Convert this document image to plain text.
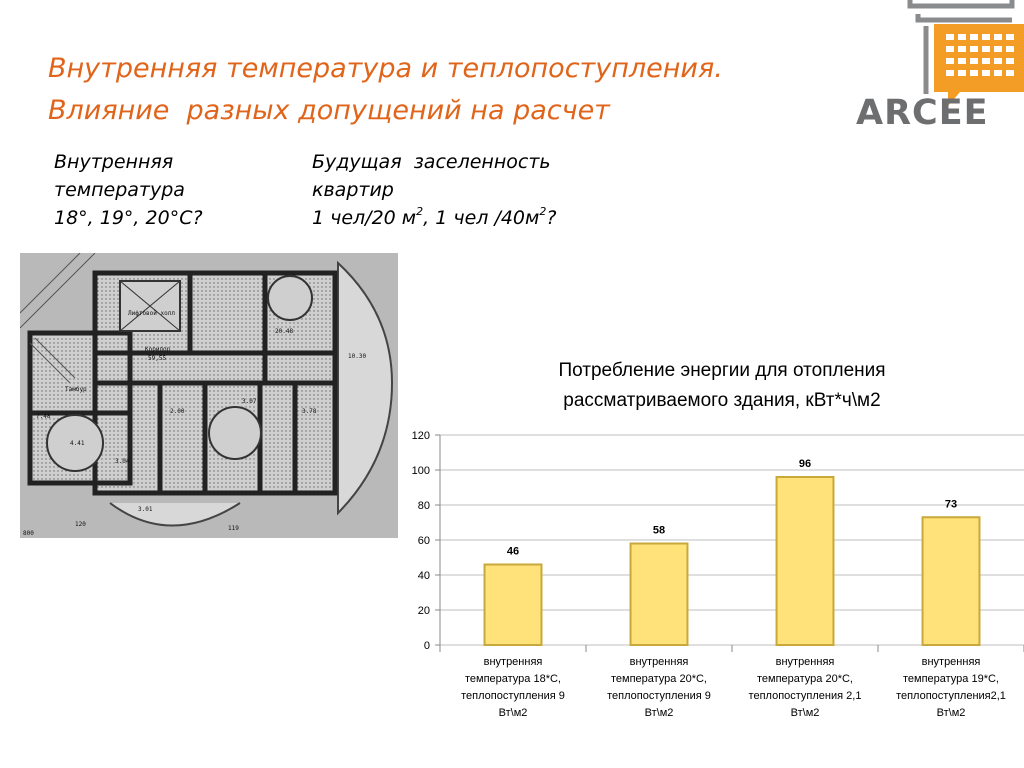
Внутренняя температура и теплопоступления.
Влияние  разных допущений на расчет
Внутренняя
температура
18°, 19°, 20°С?
Будущая  заселенность
квартир
1 чел/20 $м^2$, 1 чел $/40м^2$?
ARCEE
Лифтовой холл
Коридор
59,55
Тамбур
120
119
800
20.48
10.30
7.48
2.00
3.04
4.41
3.07
3.78
3.01
Потребление энергии для отопления
рассматриваемого здания, кВт*ч\м2
0
20
40
60
80
100
120
46
внутренняя температура 18*С, теплопоступления 9 Вт\м2
58
внутренняя температура 20*С, теплопоступления 9 Вт\м2
96
внутренняя температура 20*С, теплопоступления 2,1 Вт\м2
73
внутренняя температура 19*С, теплопоступления2,1 Вт\м2
